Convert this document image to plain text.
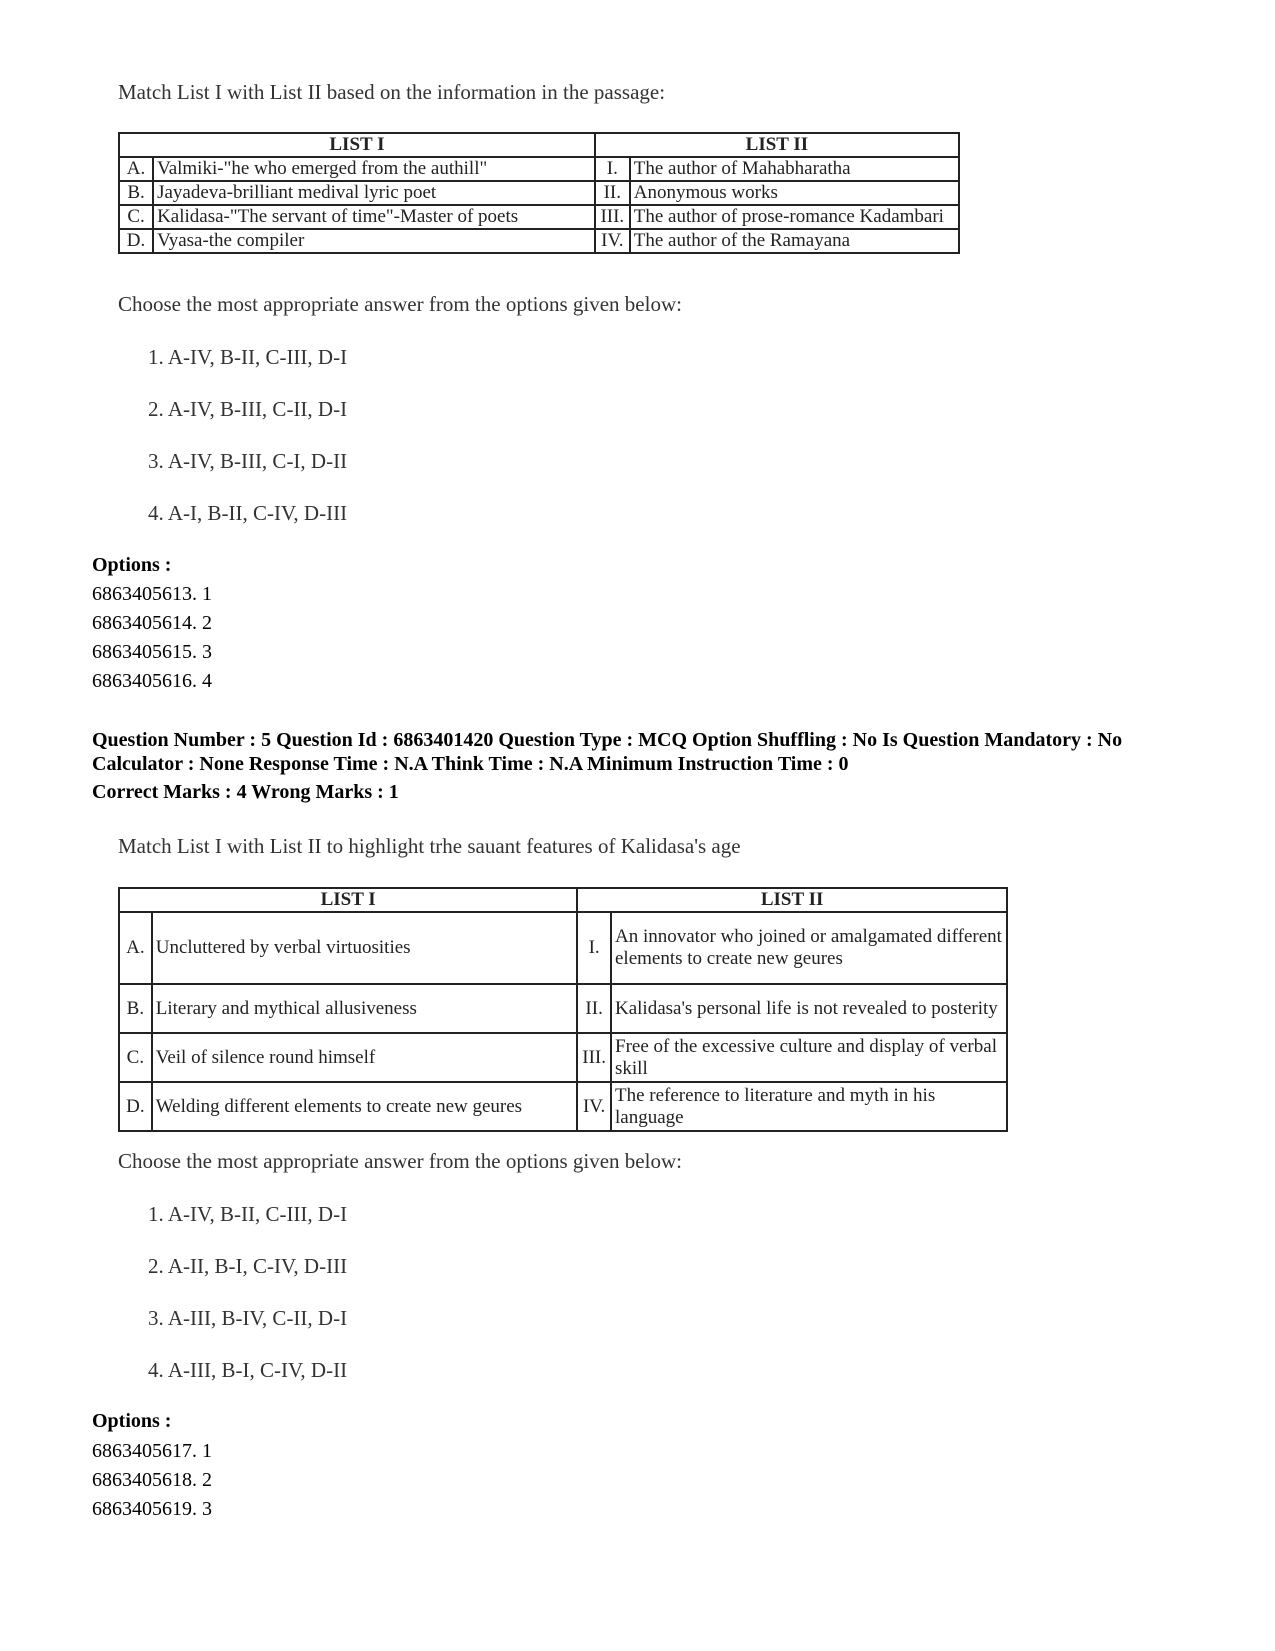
Match List I with List II based on the information in the passage:
LIST I		LIST II	
A.	Valmiki-"he who emerged from the authill"	I.	The author of Mahabharatha
B.	Jayadeva-brilliant medival lyric poet	II.	Anonymous works
C.	Kalidasa-"The servant of time"-Master of poets	III.	The author of prose-romance Kadambari
D.	Vyasa-the compiler	IV.	The author of the Ramayana
Choose the most appropriate answer from the options given below:
1. A-IV, B-II, C-III, D-I
2. A-IV, B-III, C-II, D-I
3. A-IV, B-III, C-I, D-II
4. A-I, B-II, C-IV, D-III
Options :
6863405613. 1
6863405614. 2
6863405615. 3
6863405616. 4
Question Number : 5 Question Id : 6863401420 Question Type : MCQ Option Shuffling : No Is Question Mandatory : No
Calculator : None Response Time : N.A Think Time : N.A Minimum Instruction Time : 0
Correct Marks : 4 Wrong Marks : 1
Match List I with List II to highlight trhe sauant features of Kalidasa's age
LIST I		LIST II	
A.	Uncluttered by verbal virtuosities	I.	An innovator who joined or amalgamated different elements to create new geures
B.	Literary and mythical allusiveness	II.	Kalidasa's personal life is not revealed to posterity
C.	Veil of silence round himself	III.	Free of the excessive culture and display of verbal skill
D.	Welding different elements to create new geures	IV.	The reference to literature and myth in his language
Choose the most appropriate answer from the options given below:
1. A-IV, B-II, C-III, D-I
2. A-II, B-I, C-IV, D-III
3. A-III, B-IV, C-II, D-I
4. A-III, B-I, C-IV, D-II
Options :
6863405617. 1
6863405618. 2
6863405619. 3
